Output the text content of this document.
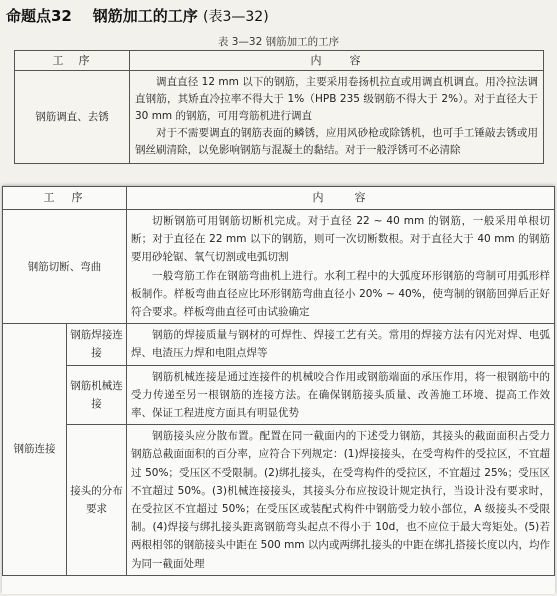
命题点32 钢筋加工的工序 (表3—32)
表 3—32 钢筋加工的工序
工　序	内　　容
钢筋调直、去锈	调直直径 12 mm 以下的钢筋，主要采用卷扬机拉直或用调直机调直。用冷拉法调直钢筋，其矫直冷拉率不得大于 1%（HPB 235 级钢筋不得大于 2%）。对于直径大于 30 mm 的钢筋，可用弯筋机进行调直

对于不需要调直的钢筋表面的鳞锈，应用风砂枪或除锈机，也可手工锤敲去锈或用钢丝刷清除，以免影响钢筋与混凝土的黏结。对于一般浮锈可不必清除

工　序		内　　容
钢筋切断、弯曲		切断钢筋可用钢筋切断机完成。对于直径 22 ~ 40 mm 的钢筋，一般采用单根切断；对于直径在 22 mm 以下的钢筋，则可一次切断数根。对于直径大于 40 mm 的钢筋要用砂轮锯、氧气切割或电弧切割

一般弯筋工作在钢筋弯曲机上进行。水利工程中的大弧度环形钢筋的弯制可用弧形样板制作。样板弯曲直径应比环形钢筋弯曲直径小 20% ~ 40%，使弯制的钢筋回弹后正好符合要求。样板弯曲直径可由试验确定

钢筋连接	钢筋焊接连接	钢筋的焊接质量与钢材的可焊性、焊接工艺有关。常用的焊接方法有闪光对焊、电弧焊、电渣压力焊和电阻点焊等

	钢筋机械连接	钢筋机械连接是通过连接件的机械咬合作用或钢筋端面的承压作用，将一根钢筋中的受力传递至另一根钢筋的连接方法。在确保钢筋接头质量、改善施工环境、提高工作效率、保证工程进度方面具有明显优势

	接头的分布要求	钢筋接头应分散布置。配置在同一截面内的下述受力钢筋，其接头的截面面积占受力钢筋总截面面积的百分率，应符合下列规定：(1)焊接接头，在受弯构件的受拉区，不宜超过 50%；受压区不受限制。(2)绑扎接头，在受弯构件的受拉区，不宜超过 25%；受压区不宜超过 50%。(3)机械连接接头，其接头分布应按设计规定执行，当设计没有要求时，在受拉区不宜超过 50%；在受压区或装配式构件中钢筋受力较小部位，A 级接头不受限制。(4)焊接与绑扎接头距离钢筋弯头起点不得小于 10d，也不应位于最大弯矩处。(5)若两根相邻的钢筋接头中距在 500 mm 以内或两绑扎接头的中距在绑扎搭接长度以内，均作为同一截面处理
